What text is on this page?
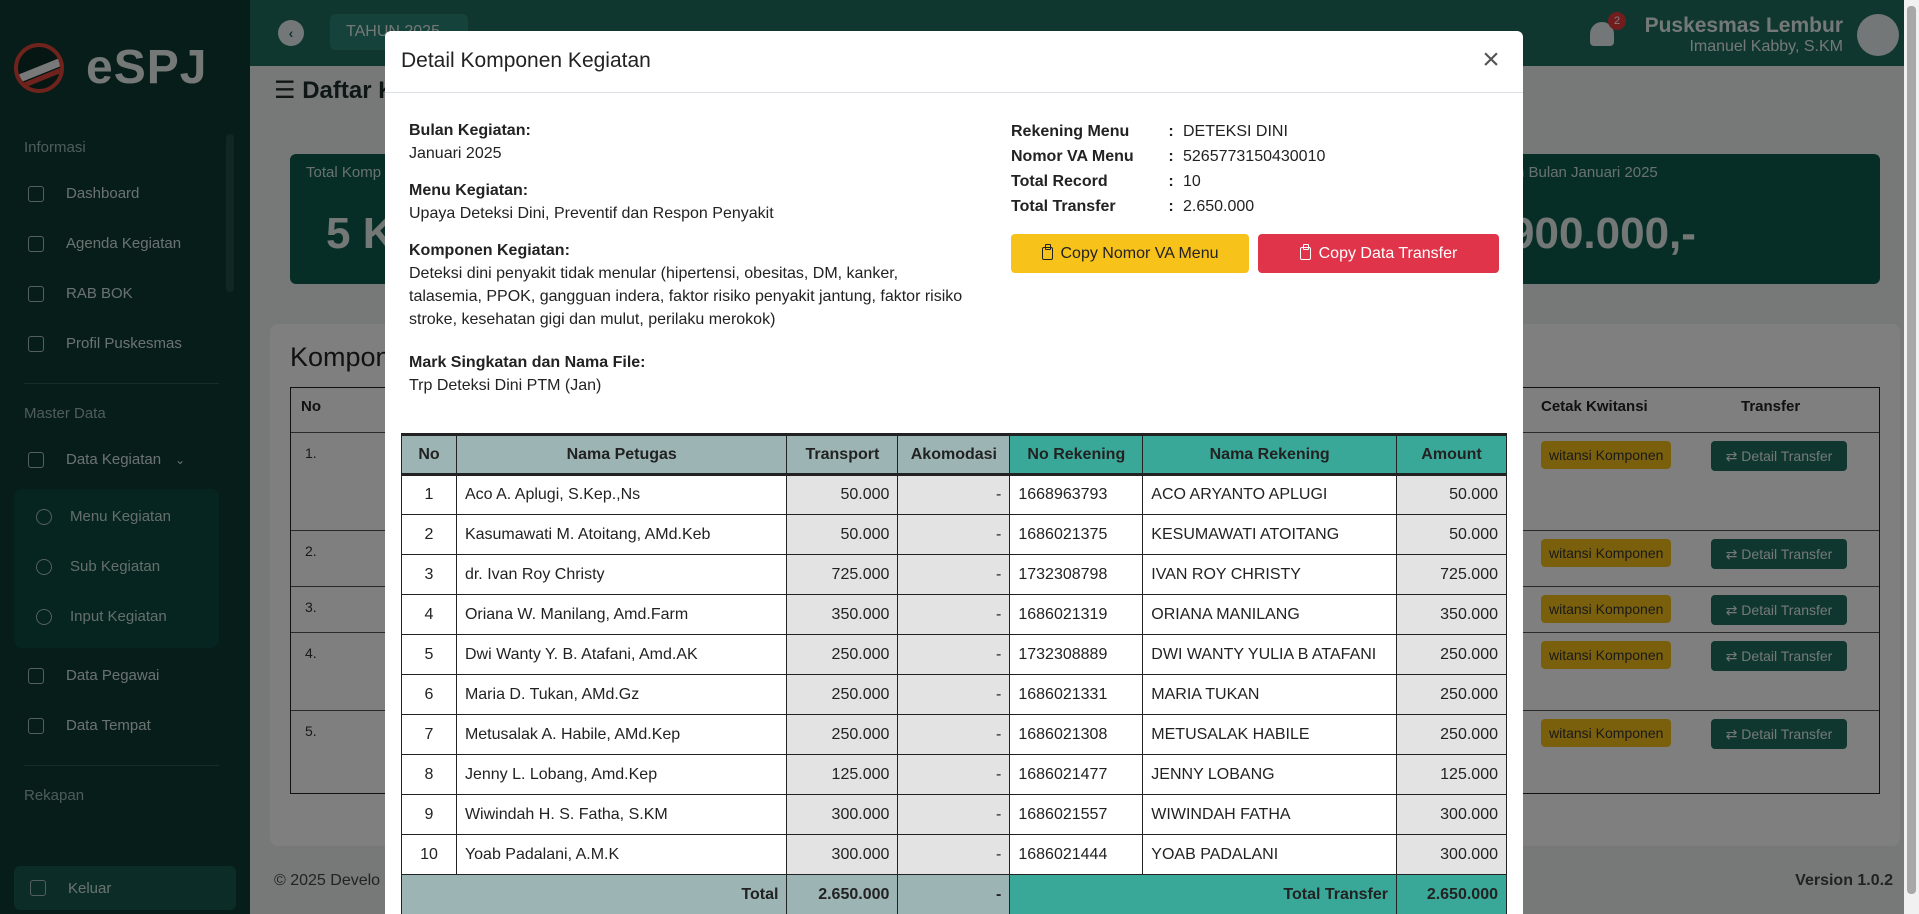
Detail Komponen Kegiatan	×
Bulan Kegiatan:
Januari 2025
Menu Kegiatan:
Upaya Deteksi Dini, Preventif dan Respon Penyakit
Komponen Kegiatan:
Deteksi dini penyakit tidak menular (hipertensi, obesitas, DM, kanker, talasemia, PPOK, gangguan indera, faktor risiko penyakit jantung, faktor risiko stroke, kesehatan gigi dan mulut, perilaku merokok)
Mark Singkatan dan Nama File:
Trp Deteksi Dini PTM (Jan)
Rekening Menu	: DETEKSI DINI
Nomor VA Menu	: 5265773150430010
Total Record	: 10
Total Transfer	: 2.650.000
Copy Nomor VA Menu	Copy Data Transfer
No	Nama Petugas	Transport	Akomodasi	No Rekening	Nama Rekening	Amount
1	Aco A. Aplugi, S.Kep.,Ns	50.000	-	1668963793	ACO ARYANTO APLUGI	50.000
2	Kasumawati M. Atoitang, AMd.Keb	50.000	-	1686021375	KESUMAWATI ATOITANG	50.000
3	dr. Ivan Roy Christy	725.000	-	1732308798	IVAN ROY CHRISTY	725.000
4	Oriana W. Manilang, Amd.Farm	350.000	-	1686021319	ORIANA MANILANG	350.000
5	Dwi Wanty Y. B. Atafani, Amd.AK	250.000	-	1732308889	DWI WANTY YULIA B ATAFANI	250.000
6	Maria D. Tukan, AMd.Gz	250.000	-	1686021331	MARIA TUKAN	250.000
7	Metusalak A. Habile, AMd.Kep	250.000	-	1686021308	METUSALAK HABILE	250.000
8	Jenny L. Lobang, Amd.Kep	125.000	-	1686021477	JENNY LOBANG	125.000
9	Wiwindah H. S. Fatha, S.KM	300.000	-	1686021557	WIWINDAH FATHA	300.000
10	Yoab Padalani, A.M.K	300.000	-	1686021444	YOAB PADALANI	300.000
Total		2.650.000	-	Total Transfer		2.650.000
